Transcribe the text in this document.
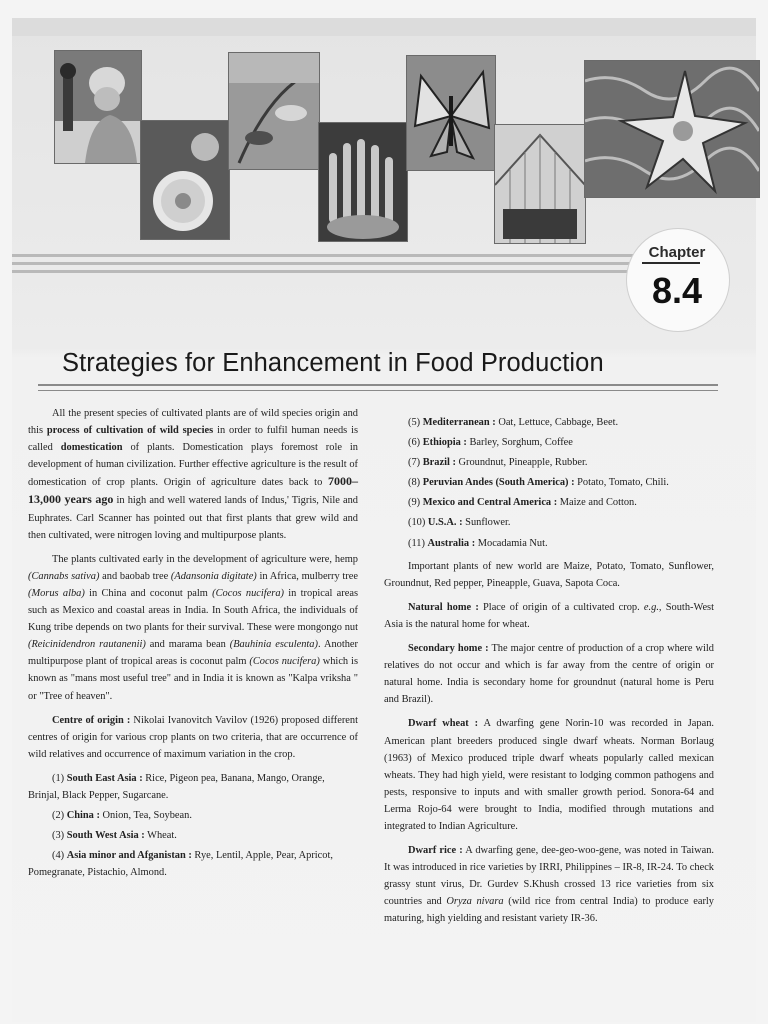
Chapter
8.4
Strategies for Enhancement in Food Production

All the present species of cultivated plants are of wild species origin and this process of cultivation of wild species in order to fulfil human needs is called domestication of plants. Domestication plays foremost role in development of human civilization. Further effective agriculture is the result of domestication of crop plants. Origin of agriculture dates back to 7000–13,000 years ago in high and well watered lands of Indus,' Tigris, Nile and Euphrates. Carl Scanner has pointed out that first plants that grew wild and then cultivated, were nitrogen loving and multipurpose plants.

The plants cultivated early in the development of agriculture were, hemp (Cannabs sativa) and baobab tree (Adansonia digitate) in Africa, mulberry tree (Morus alba) in China and coconut palm (Cocos nucifera) in tropical areas such as Mexico and coastal areas in India. In South Africa, the individuals of Kung tribe depends on two plants for their survival. These were mongongo nut (Reicinidendron rautanenii) and marama bean (Bauhinia esculenta). Another multipurpose plant of tropical areas is coconut palm (Cocos nucifera) which is known as "mans most useful tree" and in India it is known as "Kalpa vriksha " or "Tree of heaven".

Centre of origin : Nikolai Ivanovitch Vavilov (1926) proposed different centres of origin for various crop plants on two criteria, that are occurrence of wild relatives and occurrence of maximum variation in the crop.

(1) South East Asia : Rice, Pigeon pea, Banana, Mango, Orange, Brinjal, Black Pepper, Sugarcane.

(2) China : Onion, Tea, Soybean.

(3) South West Asia : Wheat.

(4) Asia minor and Afganistan : Rye, Lentil, Apple, Pear, Apricot, Pomegranate, Pistachio, Almond.

(5) Mediterranean : Oat, Lettuce, Cabbage, Beet.

(6) Ethiopia : Barley, Sorghum, Coffee

(7) Brazil : Groundnut, Pineapple, Rubber.

(8) Peruvian Andes (South America) : Potato, Tomato, Chili.

(9) Mexico and Central America : Maize and Cotton.

(10) U.S.A. : Sunflower.

(11) Australia : Mocadamia Nut.

Important plants of new world are Maize, Potato, Tomato, Sunflower, Groundnut, Red pepper, Pineapple, Guava, Sapota Coca.

Natural home : Place of origin of a cultivated crop. e.g., South-West Asia is the natural home for wheat.

Secondary home : The major centre of production of a crop where wild relatives do not occur and which is far away from the centre of origin or natural home. India is secondary home for groundnut (natural home is Peru and Brazil).

Dwarf wheat : A dwarfing gene Norin-10 was recorded in Japan. American plant breeders produced single dwarf wheats. Norman Borlaug (1963) of Mexico produced triple dwarf wheats popularly called mexican wheats. They had high yield, were resistant to lodging common pathogens and pests, responsive to inputs and with smaller growth period. Sonora-64 and Lerma Rojo-64 were brought to India, modified through mutations and integrated to Indian Agriculture.

Dwarf rice : A dwarfing gene, dee-geo-woo-gene, was noted in Taiwan. It was introduced in rice varieties by IRRI, Philippines – IR-8, IR-24. To check grassy stunt virus, Dr. Gurdev S.Khush crossed 13 rice varieties from six countries and Oryza nivara (wild rice from central India) to produce early maturing, high yielding and resistant variety IR-36.
